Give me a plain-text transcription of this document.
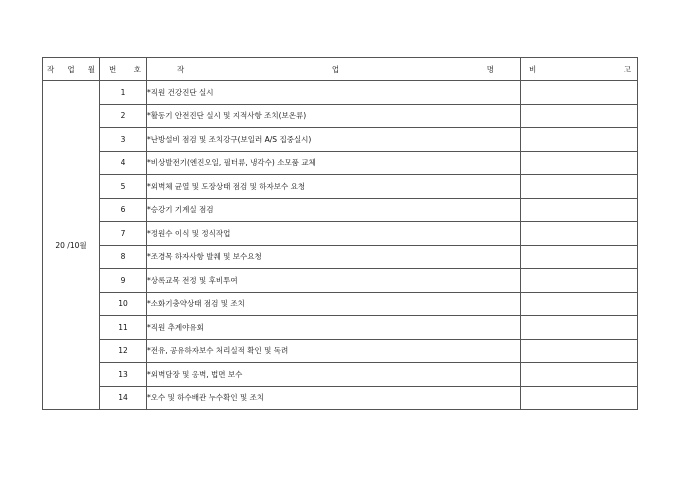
작 업 월	번 호	작 업 명	비 고

20 /10월	1	*직원 건강진단 실시	
	2	*활동기 안전진단 실시 및 지적사항 조치(보온류)	
	3	*난방설비 점검 및 조치강구(보일러 A/S 집중실시)	
	4	*비상발전기(엔진오일, 필터류, 냉각수) 소모품 교체	
	5	*외벽체 균열 및 도장상태 점검 및 하자보수 요청	
	6	*승강기 기계실 점검	
	7	*정원수 이식 및 정식작업	
	8	*조경목 하자사항 발췌 및 보수요청	
	9	*상록교목 전정 및 후비투여	
	10	*소화기충약상태 점검 및 조치	
	11	*직원 추계야유회	
	12	*전유, 공유하자보수 처리실적 확인 및 독려	
	13	*외벽담장 및 옹벽, 법면 보수	
	14	*오수 및 하수배관 누수확인 및 조치	
